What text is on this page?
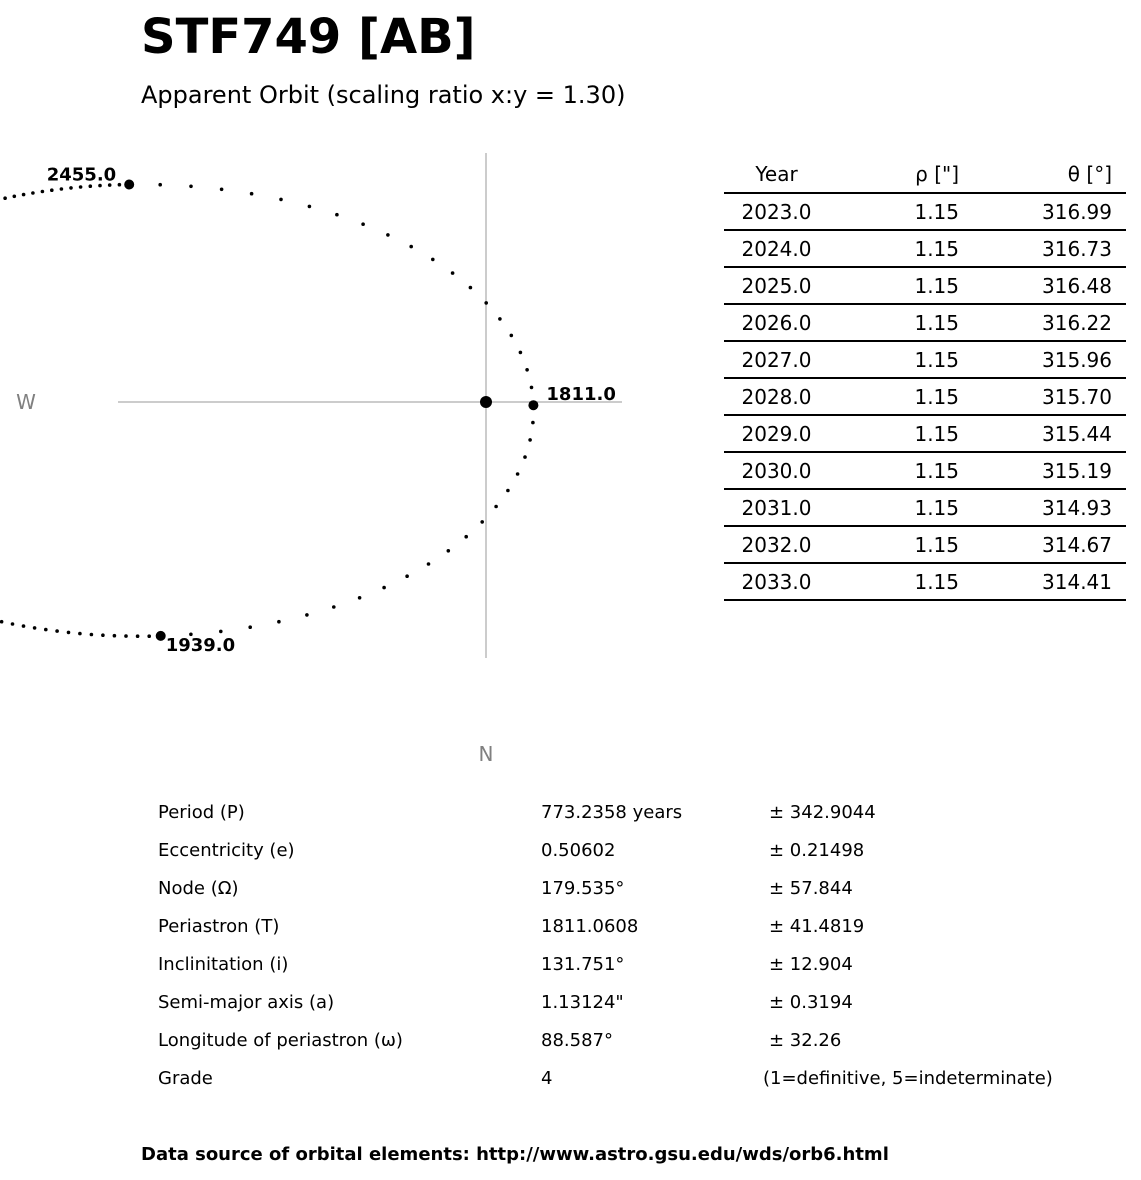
STF749 [AB]
Apparent Orbit (scaling ratio x:y = 1.30)
1811.0
1939.0
2455.0
W
N
Year	ρ ["]	θ [°]
2023.0	1.15	316.99
2024.0	1.15	316.73
2025.0	1.15	316.48
2026.0	1.15	316.22
2027.0	1.15	315.96
2028.0	1.15	315.70
2029.0	1.15	315.44
2030.0	1.15	315.19
2031.0	1.15	314.93
2032.0	1.15	314.67
2033.0	1.15	314.41
Period (P)	773.2358 years	± 342.9044
Eccentricity (e)	0.50602	± 0.21498
Node (Ω)	179.535°	± 57.844
Periastron (T)	1811.0608	± 41.4819
Inclinitation (i)	131.751°	± 12.904
Semi-major axis (a)	1.13124"	± 0.3194
Longitude of periastron (ω)	88.587°	± 32.26
Grade	4	(1=definitive, 5=indeterminate)
Data source of orbital elements: http://www.astro.gsu.edu/wds/orb6.html
